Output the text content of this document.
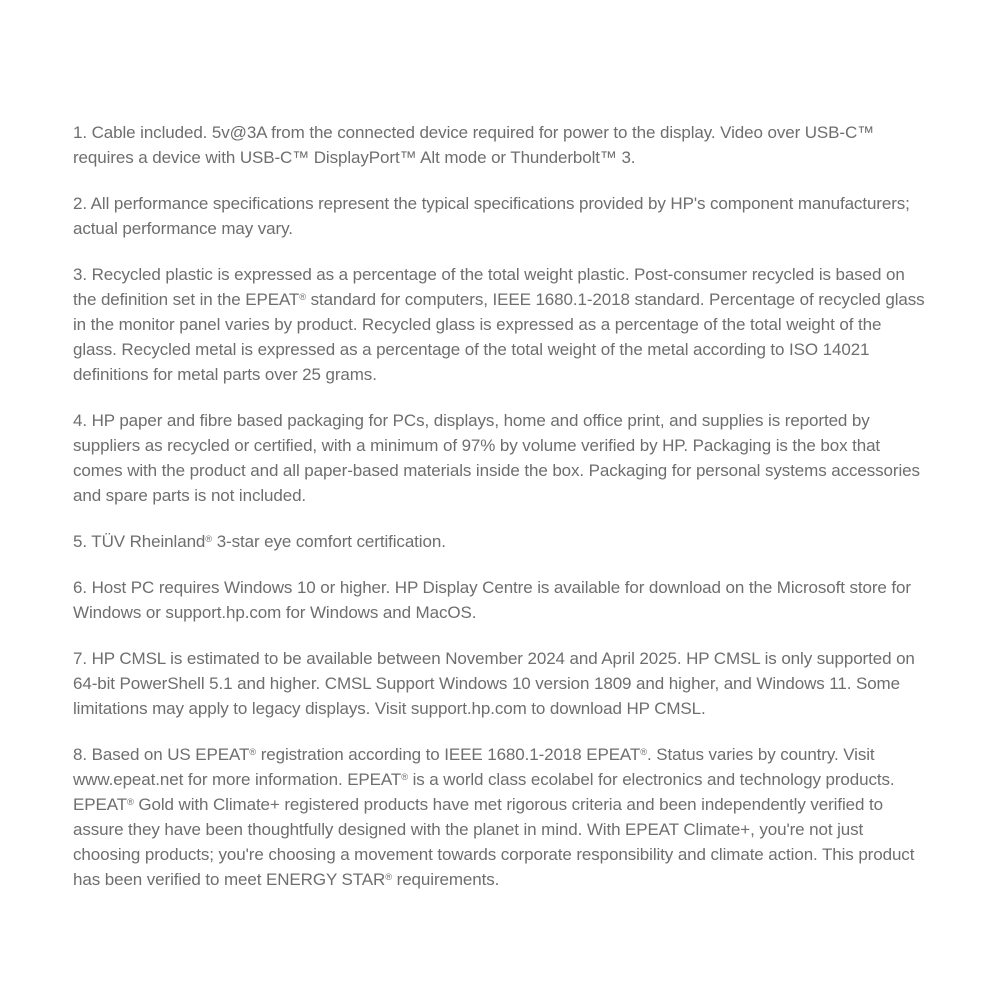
1. Cable included. 5v@3A from the connected device required for power to the display. Video over USB-C™ requires a device with USB-C™ DisplayPort™ Alt mode or Thunderbolt™ 3.

2. All performance specifications represent the typical specifications provided by HP's component manufacturers; actual performance may vary.

3. Recycled plastic is expressed as a percentage of the total weight plastic. Post-consumer recycled is based on the definition set in the EPEAT® standard for computers, IEEE 1680.1-2018 standard. Percentage of recycled glass in the monitor panel varies by product. Recycled glass is expressed as a percentage of the total weight of the glass. Recycled metal is expressed as a percentage of the total weight of the metal according to ISO 14021 definitions for metal parts over 25 grams.

4. HP paper and fibre based packaging for PCs, displays, home and office print, and supplies is reported by suppliers as recycled or certified, with a minimum of 97% by volume verified by HP. Packaging is the box that comes with the product and all paper-based materials inside the box. Packaging for personal systems accessories and spare parts is not included.

5. TÜV Rheinland® 3-star eye comfort certification.

6. Host PC requires Windows 10 or higher. HP Display Centre is available for download on the Microsoft store for Windows or support.hp.com for Windows and MacOS.

7. HP CMSL is estimated to be available between November 2024 and April 2025. HP CMSL is only supported on 64-bit PowerShell 5.1 and higher. CMSL Support Windows 10 version 1809 and higher, and Windows 11. Some limitations may apply to legacy displays. Visit support.hp.com to download HP CMSL.

8. Based on US EPEAT® registration according to IEEE 1680.1-2018 EPEAT®. Status varies by country. Visit www.epeat.net for more information. EPEAT® is a world class ecolabel for electronics and technology products. EPEAT® Gold with Climate+ registered products have met rigorous criteria and been independently verified to assure they have been thoughtfully designed with the planet in mind. With EPEAT Climate+, you're not just choosing products; you're choosing a movement towards corporate responsibility and climate action. This product has been verified to meet ENERGY STAR® requirements.
